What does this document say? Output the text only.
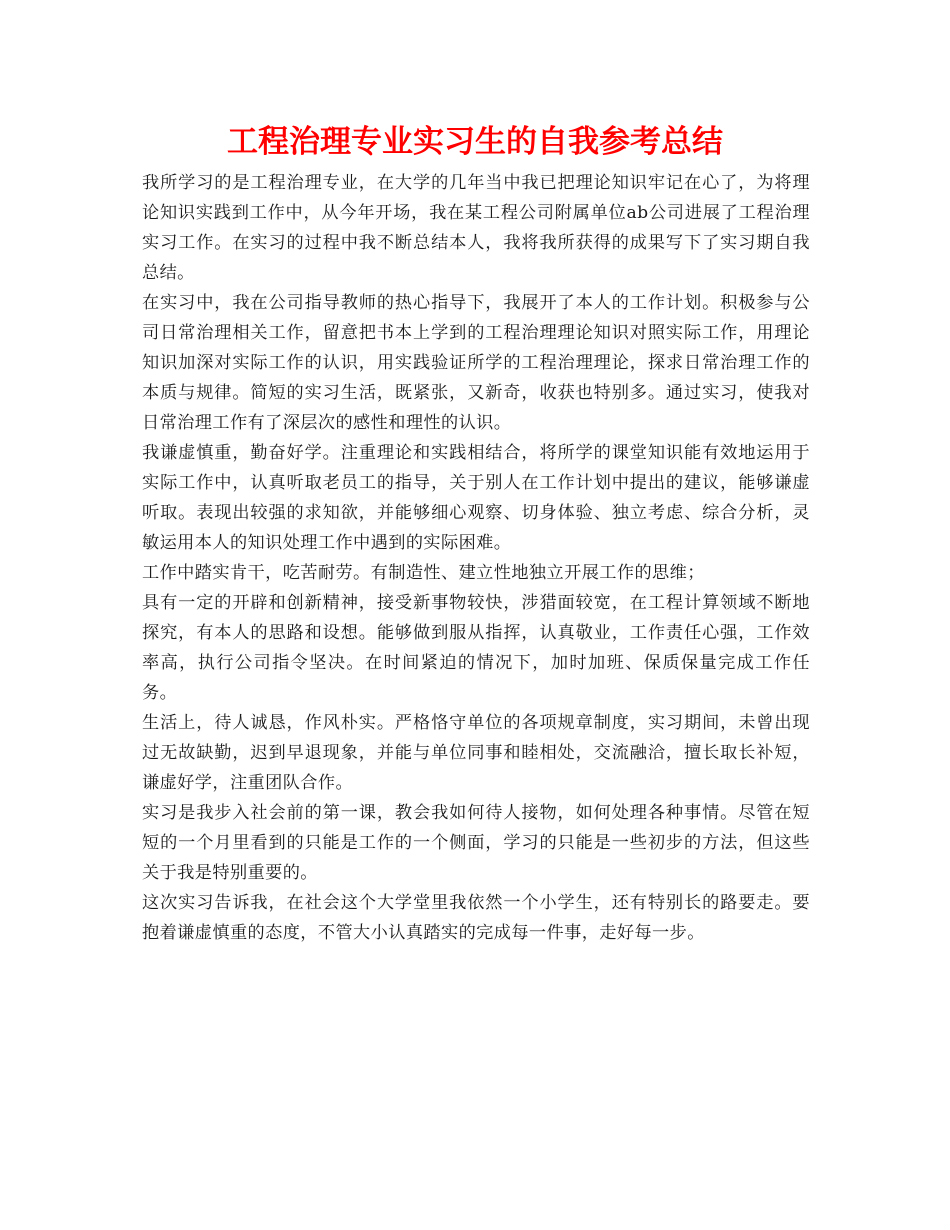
工程治理专业实习生的自我参考总结

我所学习的是工程治理专业，在大学的几年当中我已把理论知识牢记在心了，为将理论知识实践到工作中，从今年开场，我在某工程公司附属单位ab公司进展了工程治理实习工作。在实习的过程中我不断总结本人，我将我所获得的成果写下了实习期自我总结。

在实习中，我在公司指导教师的热心指导下，我展开了本人的工作计划。积极参与公司日常治理相关工作，留意把书本上学到的工程治理理论知识对照实际工作，用理论知识加深对实际工作的认识，用实践验证所学的工程治理理论，探求日常治理工作的本质与规律。简短的实习生活，既紧张，又新奇，收获也特别多。通过实习，使我对日常治理工作有了深层次的感性和理性的认识。

我谦虚慎重，勤奋好学。注重理论和实践相结合，将所学的课堂知识能有效地运用于实际工作中，认真听取老员工的指导，关于别人在工作计划中提出的建议，能够谦虚听取。表现出较强的求知欲，并能够细心观察、切身体验、独立考虑、综合分析，灵敏运用本人的知识处理工作中遇到的实际困难。

工作中踏实肯干，吃苦耐劳。有制造性、建立性地独立开展工作的思维；

具有一定的开辟和创新精神，接受新事物较快，涉猎面较宽，在工程计算领域不断地探究，有本人的思路和设想。能够做到服从指挥，认真敬业，工作责任心强，工作效率高，执行公司指令坚决。在时间紧迫的情况下，加时加班、保质保量完成工作任务。

生活上，待人诚恳，作风朴实。严格恪守单位的各项规章制度，实习期间，未曾出现过无故缺勤，迟到早退现象，并能与单位同事和睦相处，交流融洽，擅长取长补短，谦虚好学，注重团队合作。

实习是我步入社会前的第一课，教会我如何待人接物，如何处理各种事情。尽管在短短的一个月里看到的只能是工作的一个侧面，学习的只能是一些初步的方法，但这些关于我是特别重要的。

这次实习告诉我，在社会这个大学堂里我依然一个小学生，还有特别长的路要走。要抱着谦虚慎重的态度，不管大小认真踏实的完成每一件事，走好每一步。
